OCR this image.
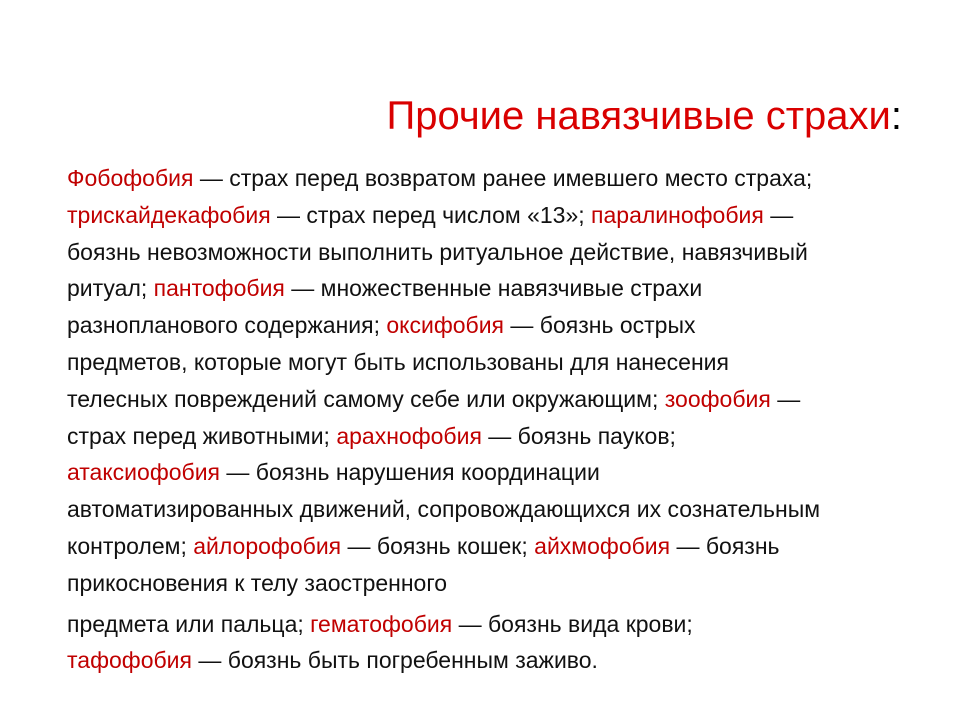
Прочие навязчивые страхи:
Фобофобия — страх перед возвратом ранее имевшего место страха;
трискайдекафобия — страх перед числом «13»; паралинофобия —
боязнь невозможности выполнить ритуальное действие, навязчивый
ритуал; пантофобия — множественные навязчивые страхи
разнопланового содержания; оксифобия — боязнь острых
предметов, которые могут быть использованы для нанесения
телесных повреждений самому себе или окружающим; зоофобия —
страх перед животными; арахнофобия — боязнь пауков;
атаксиофобия — боязнь нарушения координации
автоматизированных движений, сопровождающихся их сознательным
контролем; айлорофобия — боязнь кошек; айхмофобия — боязнь
прикосновения к телу заостренного
предмета или пальца; гематофобия — боязнь вида крови;
тафофобия — боязнь быть погребенным заживо.
